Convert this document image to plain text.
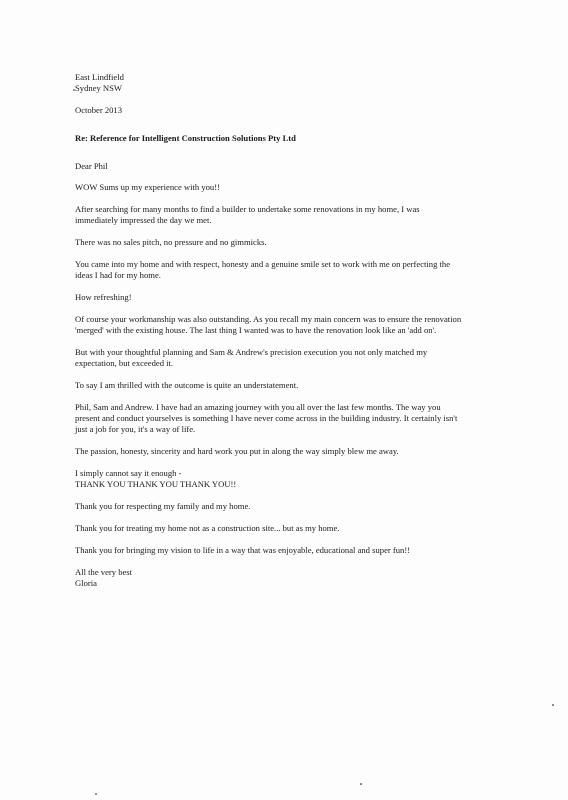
East Lindfield
Sydney NSW
October 2013
Re: Reference for Intelligent Construction Solutions Pty Ltd
Dear Phil
WOW Sums up my experience with you!!
After searching for many months to find a builder to undertake some renovations in my home, I was
immediately impressed the day we met.
There was no sales pitch, no pressure and no gimmicks.
You came into my home and with respect, honesty and a genuine smile set to work with me on perfecting the
ideas I had for my home.
How refreshing!
Of course your workmanship was also outstanding. As you recall my main concern was to ensure the renovation
'merged' with the existing house. The last thing I wanted was to have the renovation look like an 'add on'.
But with your thoughtful planning and Sam & Andrew's precision execution you not only matched my
expectation, but exceeded it.
To say I am thrilled with the outcome is quite an understatement.
Phil, Sam and Andrew. I have had an amazing journey with you all over the last few months. The way you
present and conduct yourselves is something I have never come across in the building industry. It certainly isn't
just a job for you, it's a way of life.
The passion, honesty, sincerity and hard work you put in along the way simply blew me away.
I simply cannot say it enough -
THANK YOU THANK YOU THANK YOU!!
Thank you for respecting my family and my home.
Thank you for treating my home not as a construction site... but as my home.
Thank you for bringing my vision to life in a way that was enjoyable, educational and super fun!!
All the very best
Gloria
